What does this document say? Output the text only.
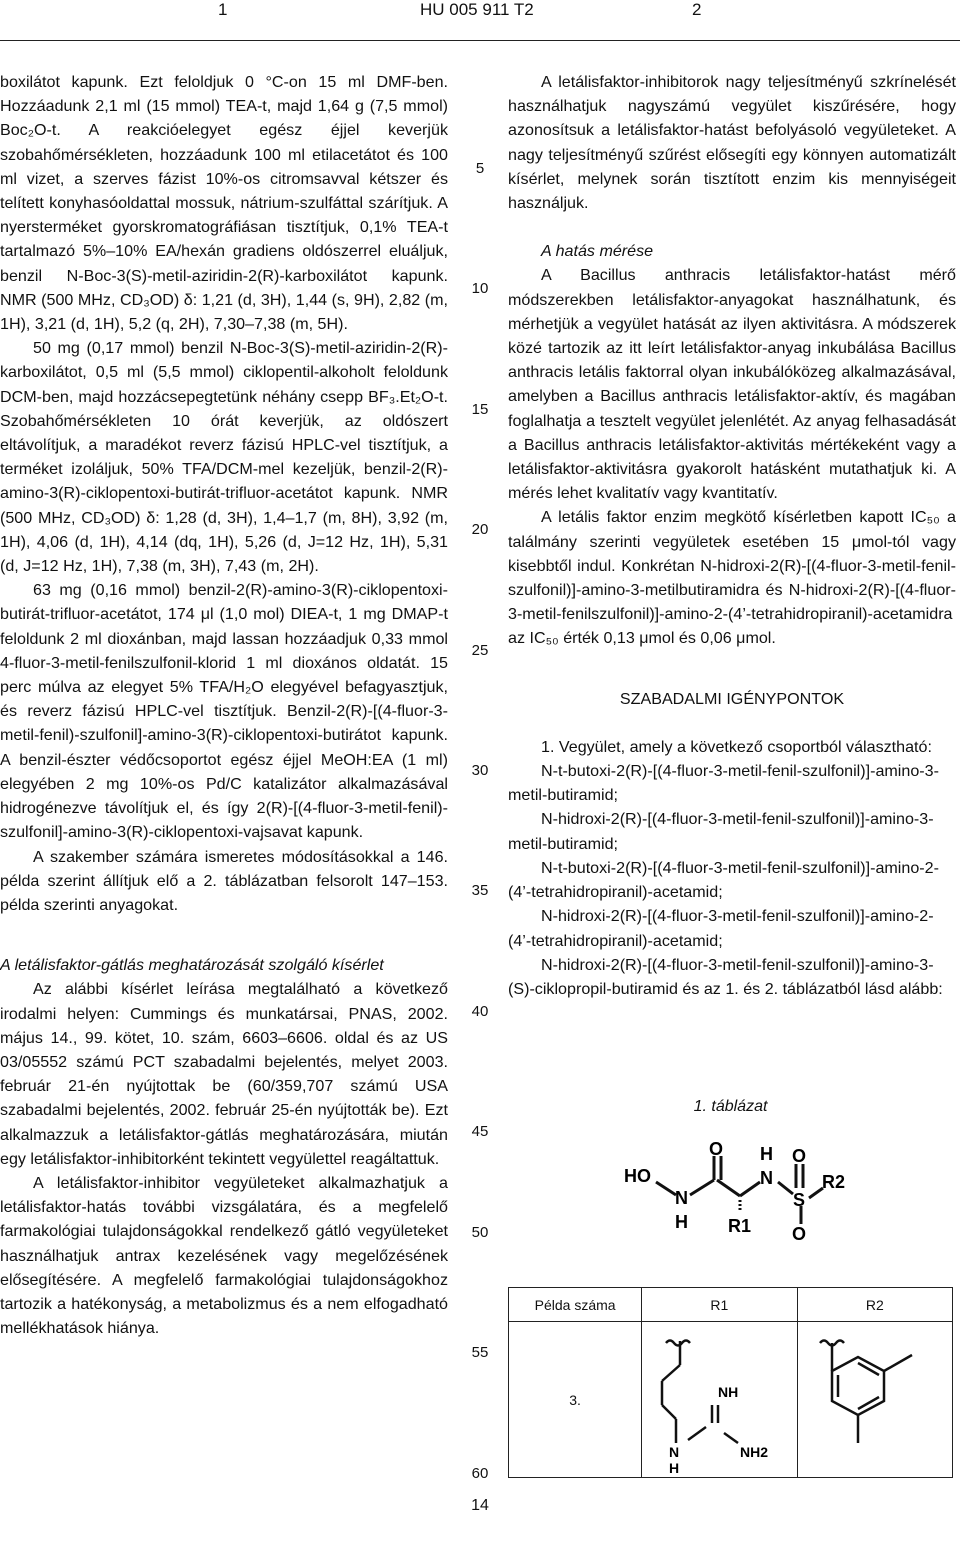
1	HU 005 911 T2	2

boxilátot kapunk. Ezt feloldjuk 0 °C-on 15 ml DMF-ben. Hozzáadunk 2,1 ml (15 mmol) TEA-t, majd 1,64 g (7,5 mmol) Boc₂O-t. A reakcióelegyet egész éjjel keverjük szobahőmérsékleten, hozzáadunk 100 ml etilacetátot és 100 ml vizet, a szerves fázist 10%-os citromsavval kétszer és telített konyhasóoldattal mossuk, nátrium-szulfáttal szárítjuk. A nyersterméket gyorskromatográfiásan tisztítjuk, 0,1% TEA-t tartalmazó 5%–10% EA/hexán gradiens oldószerrel eluáljuk, benzil N-Boc-3(S)-metil-aziridin-2(R)-karboxilátot kapunk. NMR (500 MHz, CD₃OD) δ: 1,21 (d, 3H), 1,44 (s, 9H), 2,82 (m, 1H), 3,21 (d, 1H), 5,2 (q, 2H), 7,30–7,38 (m, 5H).

50 mg (0,17 mmol) benzil N-Boc-3(S)-metil-aziridin-2(R)-karboxilátot, 0,5 ml (5,5 mmol) ciklopentil-alkoholt feloldunk DCM-ben, majd hozzácsepegtetünk néhány csepp BF₃.Et₂O-t. Szobahőmérsékleten 10 órát keverjük, az oldószert eltávolítjuk, a maradékot reverz fázisú HPLC-vel tisztítjuk, a terméket izoláljuk, 50% TFA/DCM-mel kezeljük, benzil-2(R)-amino-3(R)-ciklopentoxi-butirát-trifluor-acetátot kapunk. NMR (500 MHz, CD₃OD) δ: 1,28 (d, 3H), 1,4–1,7 (m, 8H), 3,92 (m, 1H), 4,06 (d, 1H), 4,14 (dq, 1H), 5,26 (d, J=12 Hz, 1H), 5,31 (d, J=12 Hz, 1H), 7,38 (m, 3H), 7,43 (m, 2H).

63 mg (0,16 mmol) benzil-2(R)-amino-3(R)-ciklopentoxi-butirát-trifluor-acetátot, 174 μl (1,0 mol) DIEA-t, 1 mg DMAP-t feloldunk 2 ml dioxánban, majd lassan hozzáadjuk 0,33 mmol 4-fluor-3-metil-fenilszulfonil-klorid 1 ml dioxános oldatát. 15 perc múlva az elegyet 5% TFA/H₂O elegyével befagyasztjuk, és reverz fázisú HPLC-vel tisztítjuk. Benzil-2(R)-[(4-fluor-3-metil-fenil)-szulfonil]-amino-3(R)-ciklopentoxi-butirátot kapunk. A benzil-észter védőcsoportot egész éjjel MeOH:EA (1 ml) elegyében 2 mg 10%-os Pd/C katalizátor alkalmazásával hidrogénezve távolítjuk el, és így 2(R)-[(4-fluor-3-metil-fenil)-szulfonil]-amino-3(R)-ciklopentoxi-vajsavat kapunk.

A szakember számára ismeretes módosításokkal a 146. példa szerint állítjuk elő a 2. táblázatban felsorolt 147–153. példa szerinti anyagokat.

A letálisfaktor-gátlás meghatározását szolgáló kísérlet

Az alábbi kísérlet leírása megtalálható a következő irodalmi helyen: Cummings és munkatársai, PNAS, 2002. május 14., 99. kötet, 10. szám, 6603–6606. oldal és az US 03/05552 számú PCT szabadalmi bejelentés, melyet 2003. február 21-én nyújtottak be (60/359,707 számú USA szabadalmi bejelentés, 2002. február 25-én nyújtották be). Ezt alkalmazzuk a letálisfaktor-gátlás meghatározására, miután egy letálisfaktor-inhibitorként tekintett vegyülettel reagáltattuk.

A letálisfaktor-inhibitor vegyületeket alkalmazhatjuk a letálisfaktor-hatás további vizsgálatára, és a megfelelő farmakológiai tulajdonságokkal rendelkező gátló vegyületeket használhatjuk antrax kezelésének vagy megelőzésének elősegítésére. A megfelelő farmakológiai tulajdonságokhoz tartozik a hatékonyság, a metabolizmus és a nem elfogadható mellékhatások hiánya.

5
10
15
20
25
30
35
40
45
50
55
60

A letálisfaktor-inhibitorok nagy teljesítményű szkrínelését használhatjuk nagyszámú vegyület kiszűrésére, hogy azonosítsuk a letálisfaktor-hatást befolyásoló vegyületeket. A nagy teljesítményű szűrést elősegíti egy könnyen automatizált kísérlet, melynek során tisztított enzim kis mennyiségeit használjuk.

A hatás mérése

A Bacillus anthracis letálisfaktor-hatást mérő módszerekben letálisfaktor-anyagokat használhatunk, és mérhetjük a vegyület hatását az ilyen aktivitásra. A módszerek közé tartozik az itt leírt letálisfaktor-anyag inkubálása Bacillus anthracis letális faktorral olyan inkubálóközeg alkalmazásával, amelyben a Bacillus anthracis letálisfaktor-aktív, és magában foglalhatja a tesztelt vegyület jelenlétét. Az anyag felhasadását a Bacillus anthracis letálisfaktor-aktivitás mértékeként vagy a letálisfaktor-aktivitásra gyakorolt hatásként mutathatjuk ki. A mérés lehet kvalitatív vagy kvantitatív.

A letális faktor enzim megkötő kísérletben kapott IC₅₀ a találmány szerinti vegyületek esetében 15 μmol-tól vagy kisebbtől indul. Konkrétan N-hidroxi-2(R)-[(4-fluor-3-metil-fenil-szulfonil)]-amino-3-metilbutiramidra és N-hidroxi-2(R)-[(4-fluor-3-metil-fenilszulfonil)]-amino-2-(4’-tetrahidropiranil)-acetamidra az IC₅₀ érték 0,13 μmol és 0,06 μmol.

SZABADALMI IGÉNYPONTOK

1. Vegyület, amely a következő csoportból választható:

N-t-butoxi-2(R)-[(4-fluor-3-metil-fenil-szulfonil)]-amino-3-metil-butiramid;

N-hidroxi-2(R)-[(4-fluor-3-metil-fenil-szulfonil)]-amino-3-metil-butiramid;

N-t-butoxi-2(R)-[(4-fluor-3-metil-fenil-szulfonil)]-amino-2-(4’-tetrahidropiranil)-acetamid;

N-hidroxi-2(R)-[(4-fluor-3-metil-fenil-szulfonil)]-amino-2-(4’-tetrahidropiranil)-acetamid;

N-hidroxi-2(R)-[(4-fluor-3-metil-fenil-szulfonil)]-amino-3-(S)-ciklopropil-butiramid és az 1. és 2. táblázatból lásd alább:

1. táblázat
HO
N
H
O H
N
S
O
O
R2
R1
Példa száma	R1	R2
3.	NH
N
H
NH2

14
